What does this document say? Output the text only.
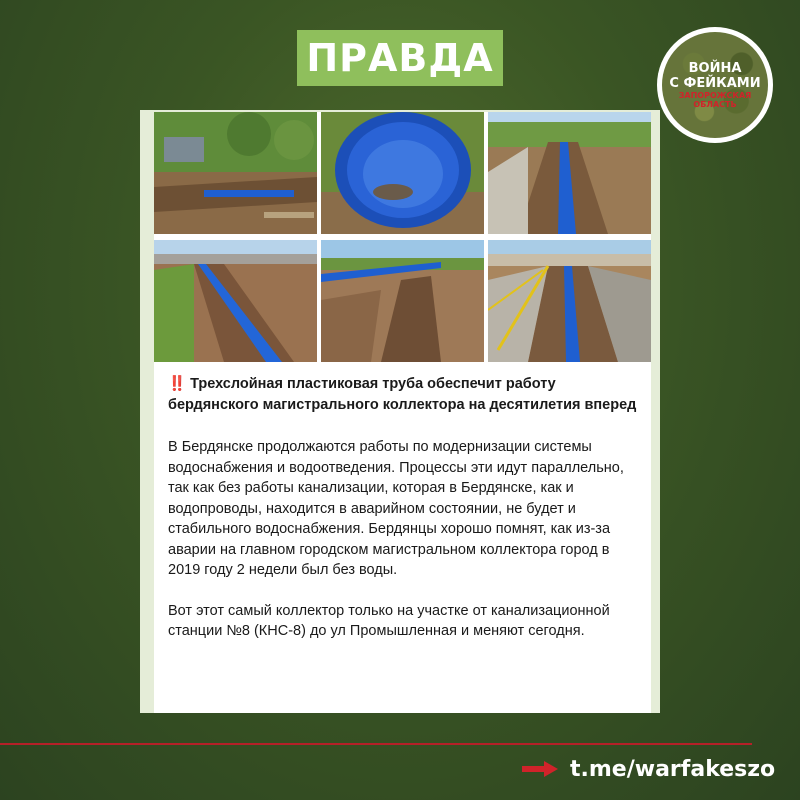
ПРАВДА	ВОЙНА
С ФЕЙКАМИ
ЗАПОРОЖСКАЯ
ОБЛАСТЬ

‼️ Трехслойная пластиковая труба обеспечит работу бердянского магистрального коллектора на десятилетия вперед

В Бердянске продолжаются работы по модернизации системы водоснабжения и водоотведения. Процессы эти идут параллельно, так как без работы канализации, которая в Бердянске, как и водопроводы, находится в аварийном состоянии, не будет и стабильного водоснабжения. Бердянцы хорошо помнят, как из-за аварии на главном городском магистральном коллектора город в 2019 году 2 недели был без воды.

Вот этот самый коллектор только на участке от канализационной станции №8 (КНС-8) до ул Промышленная и меняют сегодня.

t.me/warfakeszo
